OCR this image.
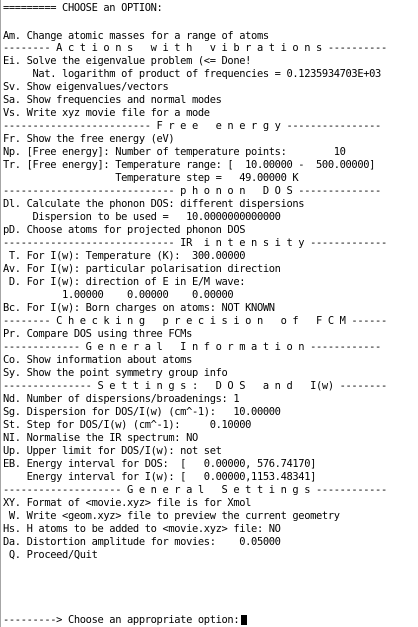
========= CHOOSE an OPTION:

Am. Change atomic masses for a range of atoms

-------- A c t i o n s   w i t h   v i b r a t i o n s ----------

Ei. Solve the eigenvalue problem (<= Done!

Nat. logarithm of product of frequencies = 0.1235934703E+03

Sv. Show eigenvalues/vectors

Sa. Show frequencies and normal modes

Vs. Write xyz movie file for a mode

------------------------- F r e e   e n e r g y ----------------

Fr. Show the free energy (eV)

Np. [Free energy]: Number of temperature points:        10

Tr. [Free energy]: Temperature range: [  10.00000 -  500.00000]

Temperature step =   49.00000 K

----------------------------- p h o n o n   D O S --------------

Dl. Calculate the phonon DOS: different dispersions

Dispersion to be used =   10.0000000000000

pD. Choose atoms for projected phonon DOS

----------------------------- IR  i n t e n s i t y -------------

T. For I(w): Temperature (K):  300.00000

Av. For I(w): particular polarisation direction

D. For I(w): direction of E in E/M wave:

1.00000    0.00000    0.00000

Bc. For I(w): Born charges on atoms: NOT KNOWN

-------- C h e c k i n g   p r e c i s i o n   o f   F C M ------

Pr. Compare DOS using three FCMs

------------- G e n e r a l   I n f o r m a t i o n ------------

Co. Show information about atoms

Sy. Show the point symmetry group info

--------------- S e t t i n g s :   D O S   a n d   I(w) --------

Nd. Number of dispersions/broadenings: 1

Sg. Dispersion for DOS/I(w) (cm^-1):   10.00000

St. Step for DOS/I(w) (cm^-1):     0.10000

NI. Normalise the IR spectrum: NO

Up. Upper limit for DOS/I(w): not set

EB. Energy interval for DOS:  [   0.00000, 576.74170]

Energy interval for I(w): [   0.00000,1153.48341]

-------------------- G e n e r a l   S e t t i n g s ------------

XY. Format of <movie.xyz> file is for Xmol

W. Write <geom.xyz> file to preview the current geometry

Hs. H atoms to be added to <movie.xyz> file: NO

Da. Distortion amplitude for movies:    0.05000

Q. Proceed/Quit

---------> Choose an appropriate option:
